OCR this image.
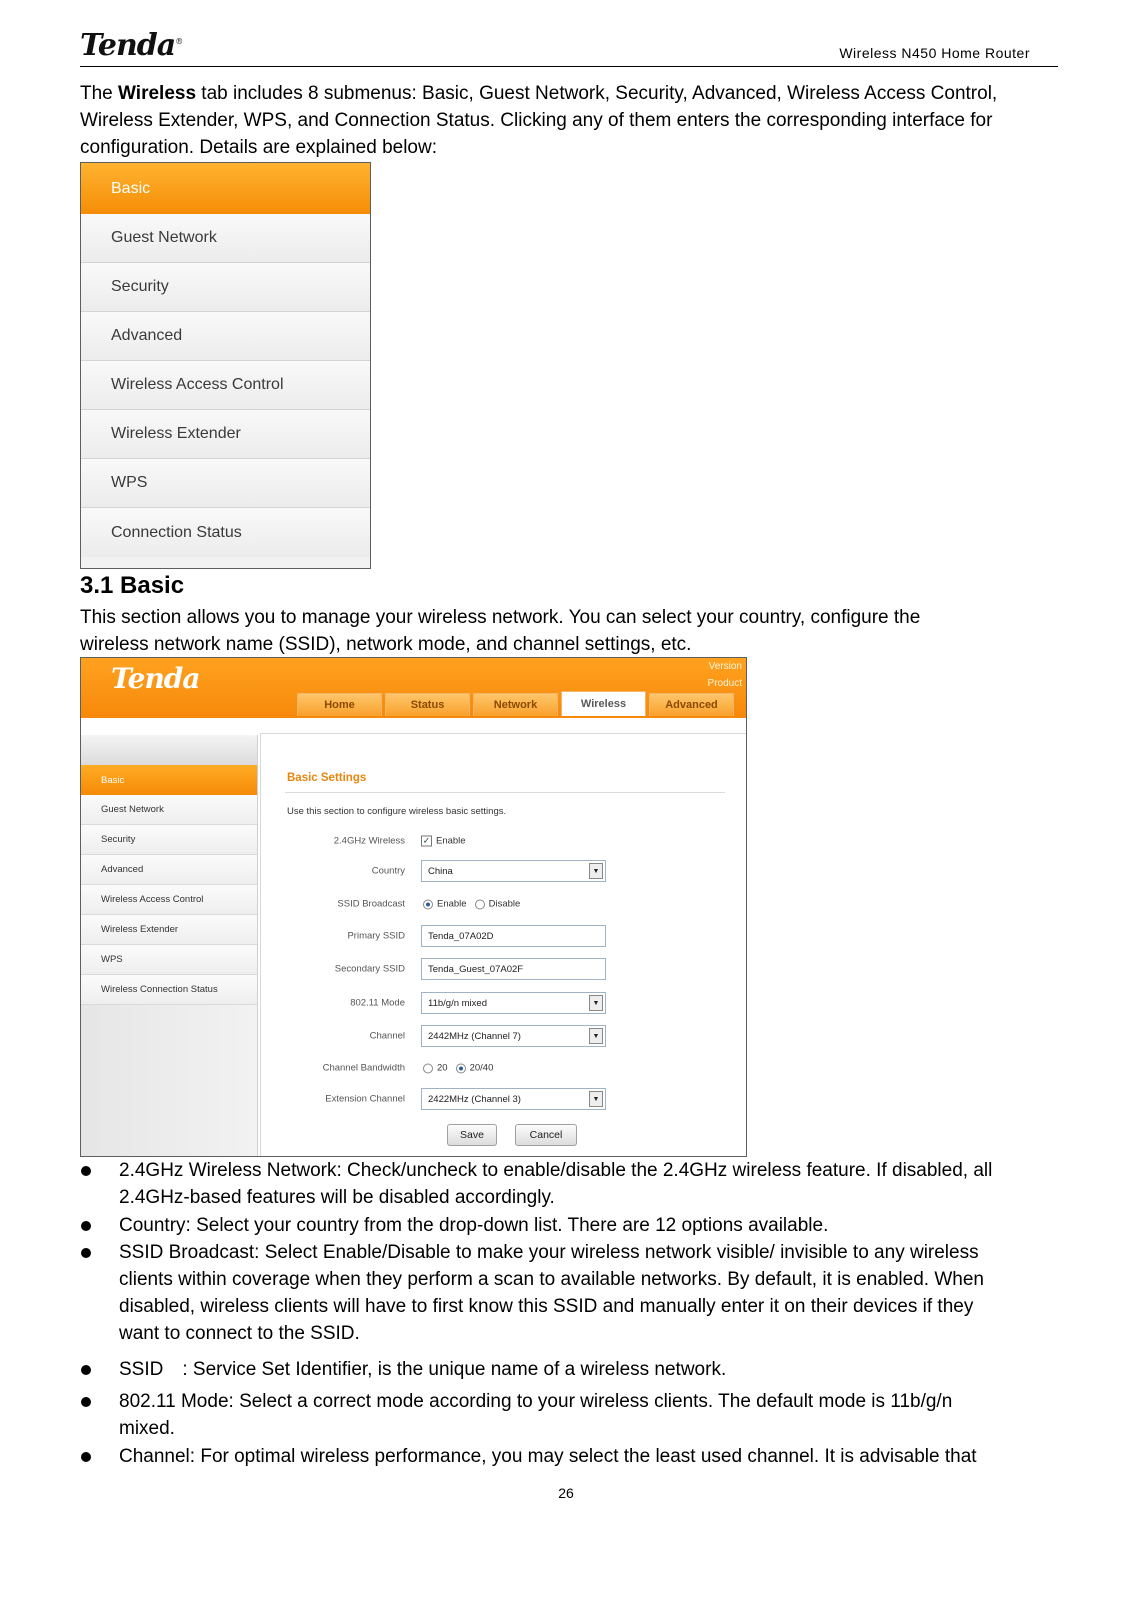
Tenda®
Wireless N450 Home Router
The Wireless tab includes 8 submenus: Basic, Guest Network, Security, Advanced, Wireless Access Control,
Wireless Extender, WPS, and Connection Status. Clicking any of them enters the corresponding interface for
configuration. Details are explained below:
Basic
Guest Network
Security
Advanced
Wireless Access Control
Wireless Extender
WPS
Connection Status
3.1 Basic
This section allows you to manage your wireless network. You can select your country, configure the
wireless network name (SSID), network mode, and channel settings, etc.
Tenda	Version
Product
Home	Status	Network	Wireless	Advanced
Basic
Guest Network
Security
Advanced
Wireless Access Control
Wireless Extender
WPS
Wireless Connection Status
Basic Settings
Use this section to configure wireless basic settings.
2.4GHz Wireless ✓ Enable
Country China	▼
SSID Broadcast	Enable Disable
Primary SSID	Tenda_07A02D
Secondary SSID	Tenda_Guest_07A02F
802.11 Mode 11b/g/n mixed	▼
Channel 2442MHz (Channel 7)	▼
Channel Bandwidth	20 20/40
Extension Channel 2422MHz (Channel 3)	▼
Save	Cancel
2.4GHz Wireless Network: Check/uncheck to enable/disable the 2.4GHz wireless feature. If disabled, all
2.4GHz-based features will be disabled accordingly.
Country: Select your country from the drop-down list. There are 12 options available.
SSID Broadcast: Select Enable/Disable to make your wireless network visible/ invisible to any wireless
clients within coverage when they perform a scan to available networks. By default, it is enabled. When
disabled, wireless clients will have to first know this SSID and manually enter it on their devices if they
want to connect to the SSID.
SSID　: Service Set Identifier, is the unique name of a wireless network.
802.11 Mode: Select a correct mode according to your wireless clients. The default mode is 11b/g/n
mixed.
Channel: For optimal wireless performance, you may select the least used channel. It is advisable that
26
